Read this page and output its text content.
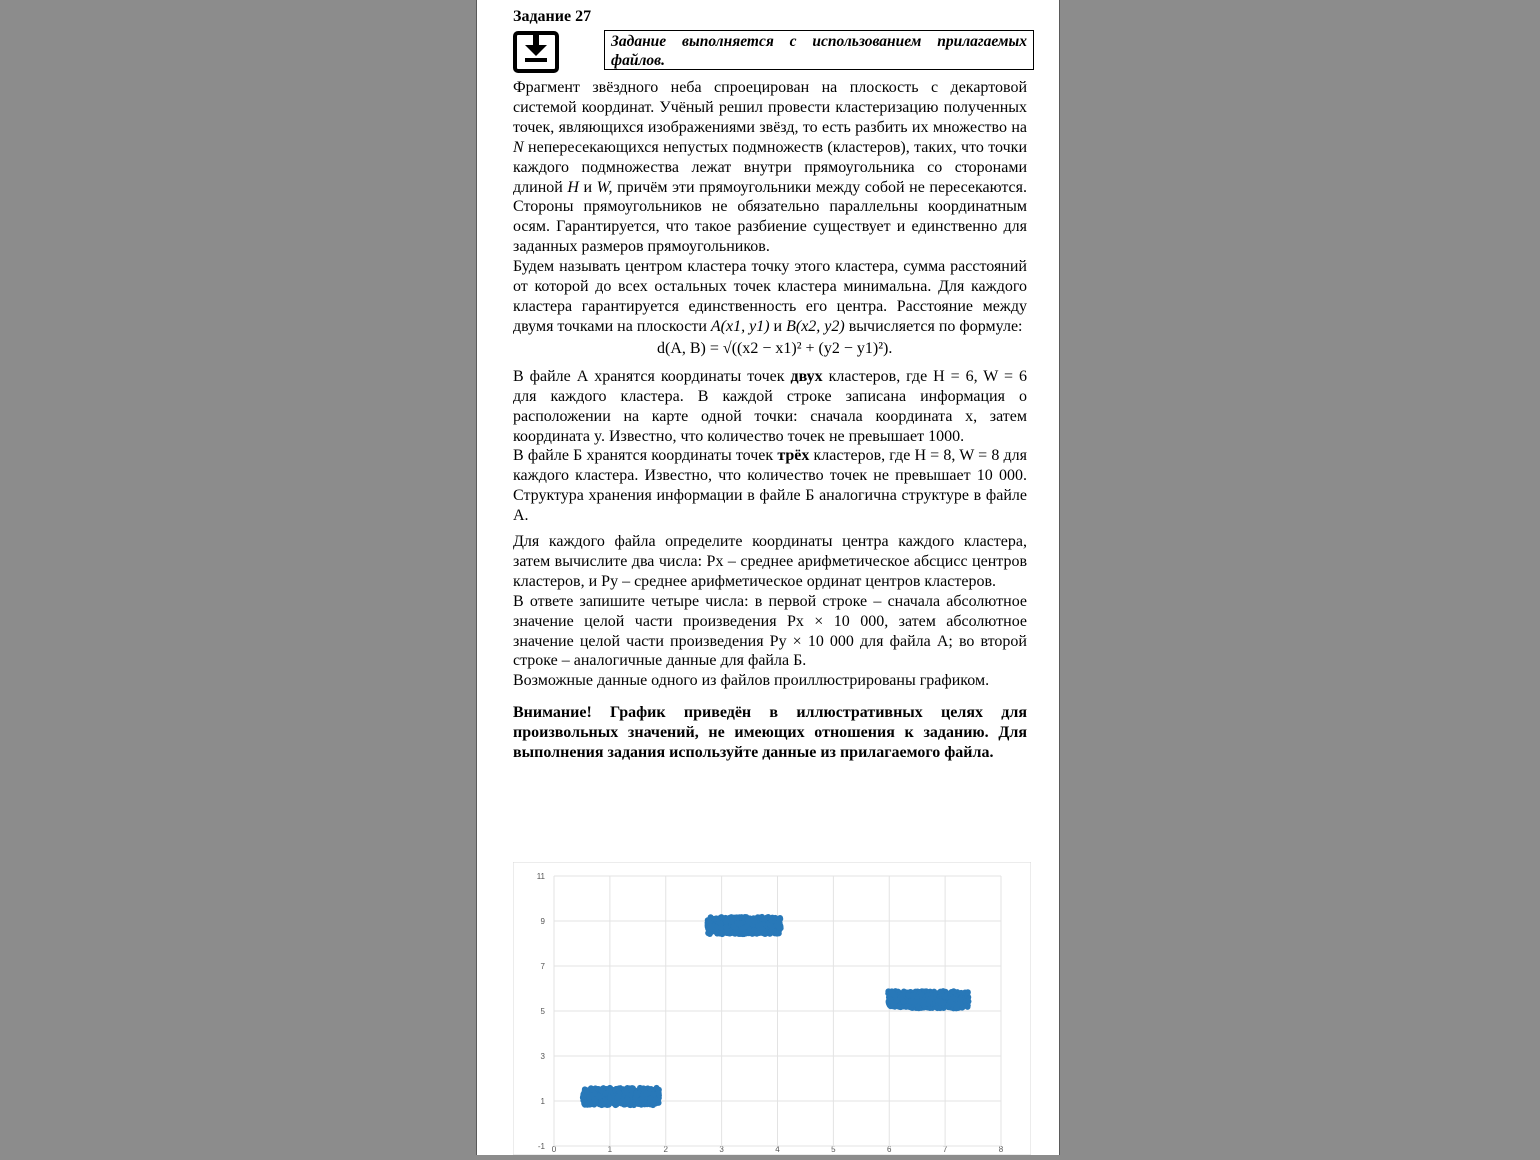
Задание 27
Задание выполняется с использованием прилагаемых
файлов.

Фрагмент звёздного неба спроецирован на плоскость с декартовой системой координат. Учёный решил провести кластеризацию полученных точек, являющихся изображениями звёзд, то есть разбить их множество на N непересекающихся непустых подмножеств (кластеров), таких, что точки каждого подмножества лежат внутри прямоугольника со сторонами длиной H и W, причём эти прямоугольники между собой не пересекаются. Стороны прямоугольников не обязательно параллельны координатным осям. Гарантируется, что такое разбиение существует и единственно для заданных размеров прямоугольников.

Будем называть центром кластера точку этого кластера, сумма расстояний от которой до всех остальных точек кластера минимальна. Для каждого кластера гарантируется единственность его центра. Расстояние между двумя точками на плоскости A(x1, y1) и B(x2, y2) вычисляется по формуле:

d(A, B) = √((x2 − x1)² + (y2 − y1)²).

В файле А хранятся координаты точек двух кластеров, где H = 6, W = 6 для каждого кластера. В каждой строке записана информация о расположении на карте одной точки: сначала координата x, затем координата y. Известно, что количество точек не превышает 1000.

В файле Б хранятся координаты точек трёх кластеров, где H = 8, W = 8 для каждого кластера. Известно, что количество точек не превышает 10 000. Структура хранения информации в файле Б аналогична структуре в файле А.

Для каждого файла определите координаты центра каждого кластера, затем вычислите два числа: Px – среднее арифметическое абсцисс центров кластеров, и Py – среднее арифметическое ординат центров кластеров.

В ответе запишите четыре числа: в первой строке – сначала абсолютное значение целой части произведения Px × 10 000, затем абсолютное значение целой части произведения Py × 10 000 для файла А; во второй строке – аналогичные данные для файла Б.

Возможные данные одного из файлов проиллюстрированы графиком.

Внимание! График приведён в иллюстративных целях для произвольных значений, не имеющих отношения к заданию. Для выполнения задания используйте данные из прилагаемого файла.

0	1	2	3	4	5	6	7	8
-1
1
3
5
7
9
11
